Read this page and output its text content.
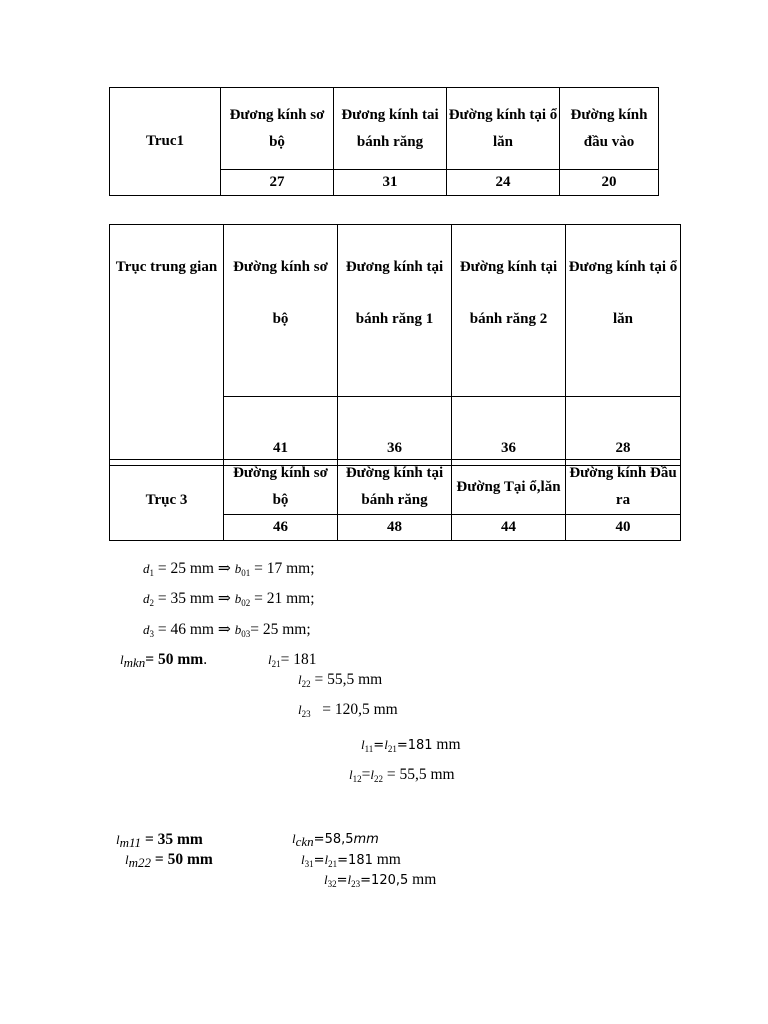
Truc1	Đương kính sơ bộ	Đương kính tai bánh răng	Đường kính tại ổ lăn	Đường kính đầu vào
	27	31	24	20
Trục trung gian	Đường kính sơ bộ	Đương kính tại bánh răng 1	Đường kính tại bánh răng 2	Đương kính tại ổ lăn
	41	36	36	28
Trục 3	Đường kính sơ bộ	Đường kính tại bánh răng	Đường Tại ổ,lăn	Đường kính Đầu ra
	46	48	44	40
$d_1 = 25$ mm ⇒ $b_{01} = 17$ mm;
$d_2 = 35$ mm ⇒ $b_{02} = 21$ mm;
$d_3 = 46$ mm ⇒ $b_{03}= 25$ mm;
$l_{mkn}= 50$ mm.	$l_{21}= 181$
$l_{22} = 55,5$ mm
$l_{23} = 120,5$ mm
$l_{11}=l_{21}=181$ mm
$l_{12}=l_{22} = 55,5$ mm
$l_{m11} = 35$ mm
$l_{m22} = 50$ mm
$l_{ckn}=58,5mm$
$l_{31}=l_{21}=181$ mm
$l_{32}=l_{23}=120,5$ mm
